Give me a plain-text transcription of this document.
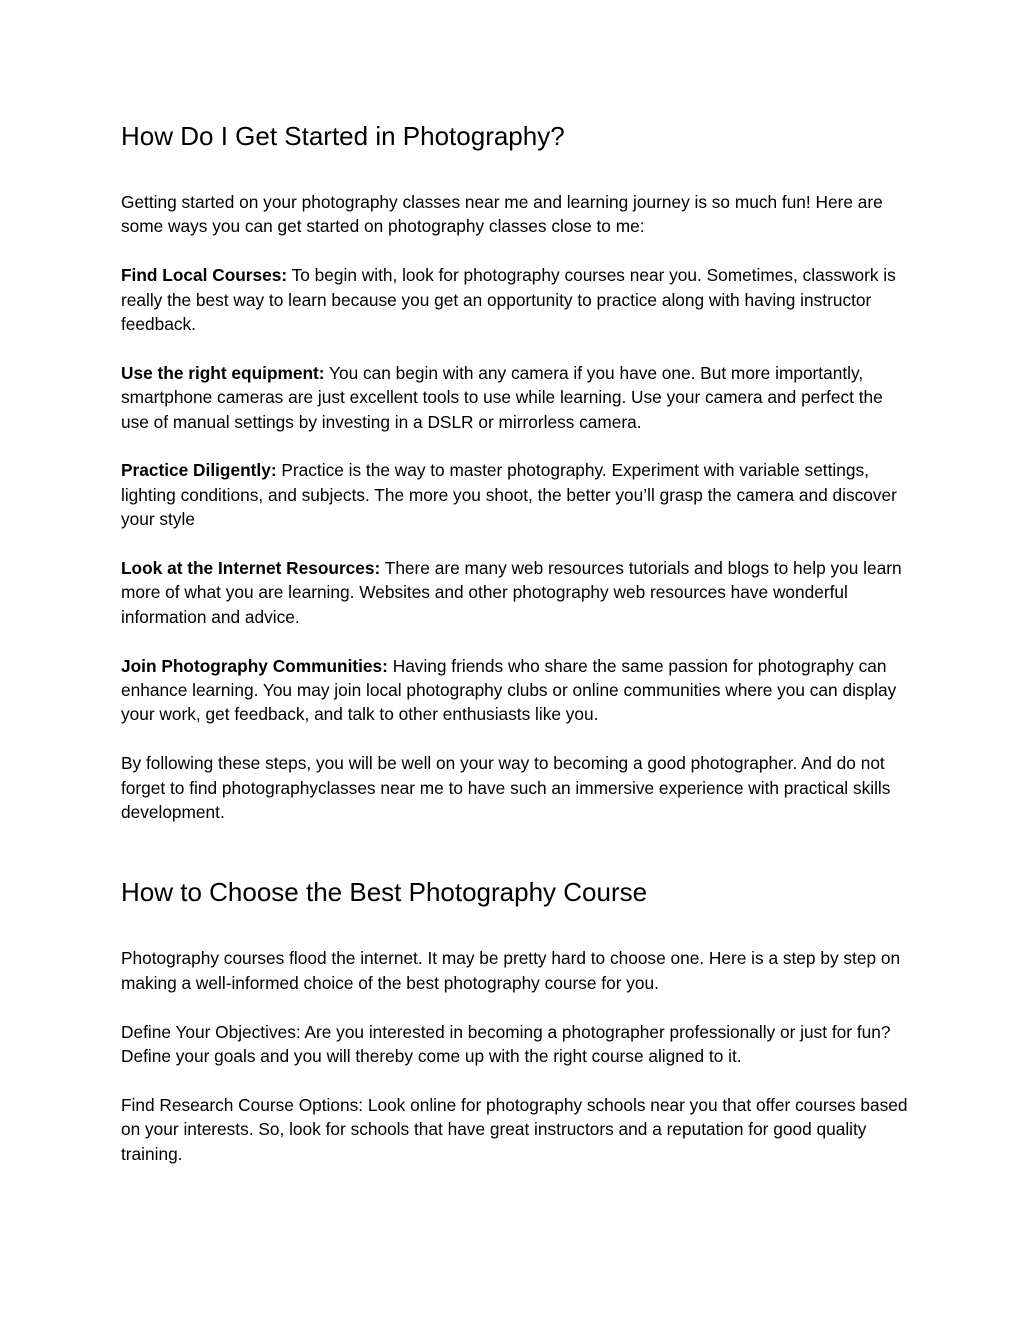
How Do I Get Started in Photography?

Getting started on your photography classes near me and learning journey is so much fun! Here are some ways you can get started on photography classes close to me:

Find Local Courses: To begin with, look for photography courses near you. Sometimes, classwork is really the best way to learn because you get an opportunity to practice along with having instructor feedback.

Use the right equipment: You can begin with any camera if you have one. But more importantly, smartphone cameras are just excellent tools to use while learning. Use your camera and perfect the use of manual settings by investing in a DSLR or mirrorless camera.

Practice Diligently: Practice is the way to master photography. Experiment with variable settings, lighting conditions, and subjects. The more you shoot, the better you’ll grasp the camera and discover your style

Look at the Internet Resources: There are many web resources tutorials and blogs to help you learn more of what you are learning. Websites and other photography web resources have wonderful information and advice.

Join Photography Communities: Having friends who share the same passion for photography can enhance learning. You may join local photography clubs or online communities where you can display your work, get feedback, and talk to other enthusiasts like you.

By following these steps, you will be well on your way to becoming a good photographer. And do not forget to find photographyclasses near me to have such an immersive experience with practical skills development.

How to Choose the Best Photography Course

Photography courses flood the internet. It may be pretty hard to choose one. Here is a step by step on making a well-informed choice of the best photography course for you.

Define Your Objectives: Are you interested in becoming a photographer professionally or just for fun? Define your goals and you will thereby come up with the right course aligned to it.

Find Research Course Options: Look online for photography schools near you that offer courses based on your interests. So, look for schools that have great instructors and a reputation for good quality training.
